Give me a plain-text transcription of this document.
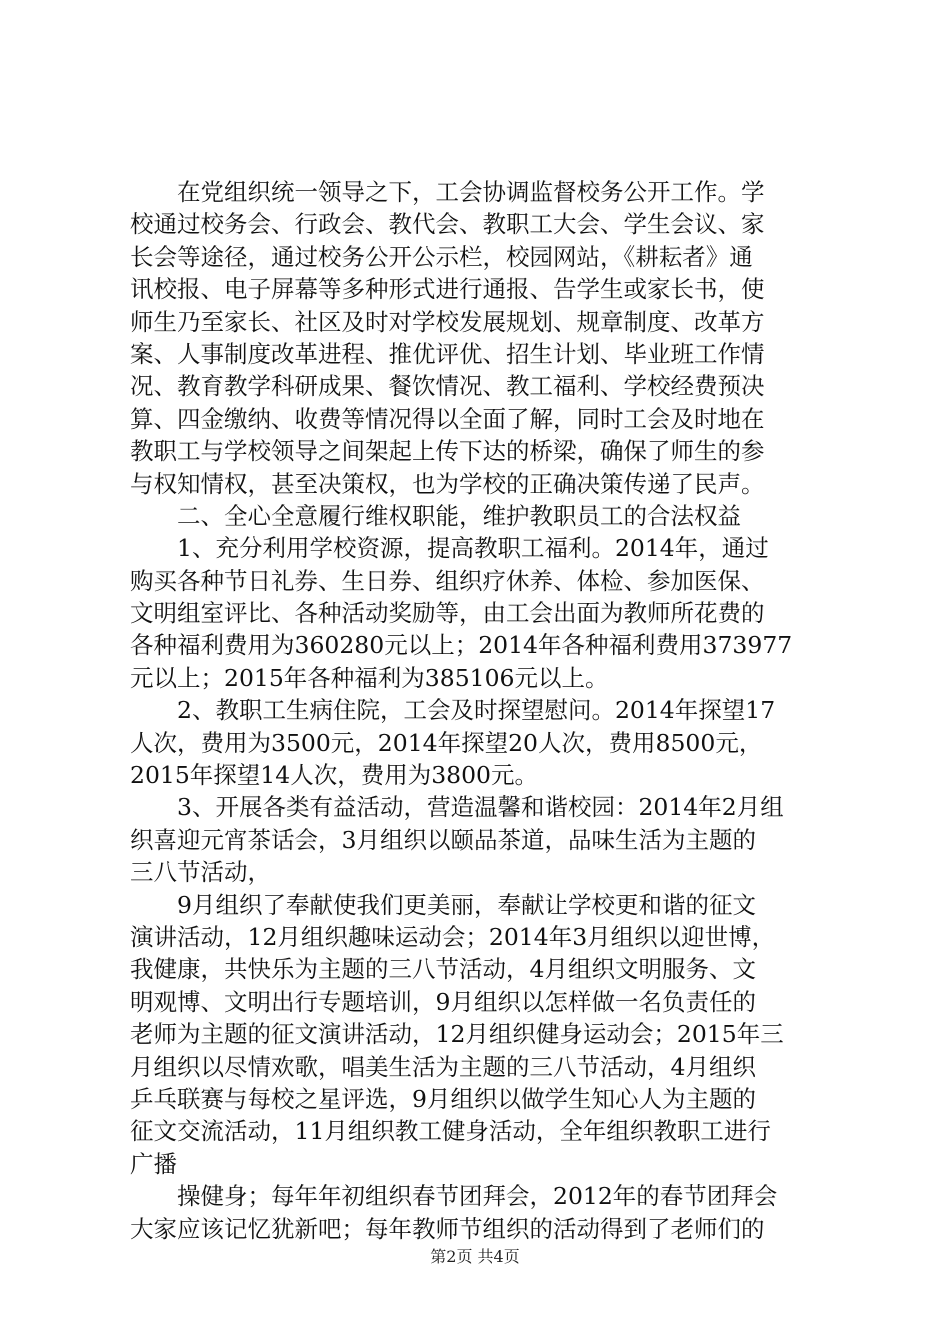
　　在党组织统一领导之下，工会协调监督校务公开工作。学
校通过校务会、行政会、教代会、教职工大会、学生会议、家
长会等途径，通过校务公开公示栏，校园网站，《耕耘者》通
讯校报、电子屏幕等多种形式进行通报、告学生或家长书，使
师生乃至家长、社区及时对学校发展规划、规章制度、改革方
案、人事制度改革进程、推优评优、招生计划、毕业班工作情
况、教育教学科研成果、餐饮情况、教工福利、学校经费预决
算、四金缴纳、收费等情况得以全面了解，同时工会及时地在
教职工与学校领导之间架起上传下达的桥梁，确保了师生的参
与权知情权，甚至决策权，也为学校的正确决策传递了民声。
　　二、全心全意履行维权职能，维护教职员工的合法权益
　　1、充分利用学校资源，提高教职工福利。2014年，通过
购买各种节日礼券、生日券、组织疗休养、体检、参加医保、
文明组室评比、各种活动奖励等，由工会出面为教师所花费的
各种福利费用为360280元以上；2014年各种福利费用373977
元以上；2015年各种福利为385106元以上。
　　2、教职工生病住院，工会及时探望慰问。2014年探望17
人次，费用为3500元，2014年探望20人次，费用8500元，
2015年探望14人次，费用为3800元。
　　3、开展各类有益活动，营造温馨和谐校园：2014年2月组
织喜迎元宵茶话会，3月组织以颐品茶道，品味生活为主题的
三八节活动，
　　9月组织了奉献使我们更美丽，奉献让学校更和谐的征文
演讲活动，12月组织趣味运动会；2014年3月组织以迎世博，
我健康，共快乐为主题的三八节活动，4月组织文明服务、文
明观博、文明出行专题培训，9月组织以怎样做一名负责任的
老师为主题的征文演讲活动，12月组织健身运动会；2015年三
月组织以尽情欢歌，唱美生活为主题的三八节活动，4月组织
乒乓联赛与每校之星评选，9月组织以做学生知心人为主题的
征文交流活动，11月组织教工健身活动，全年组织教职工进行
广播
　　操健身；每年年初组织春节团拜会，2012年的春节团拜会
大家应该记忆犹新吧；每年教师节组织的活动得到了老师们的
第2页 共4页
